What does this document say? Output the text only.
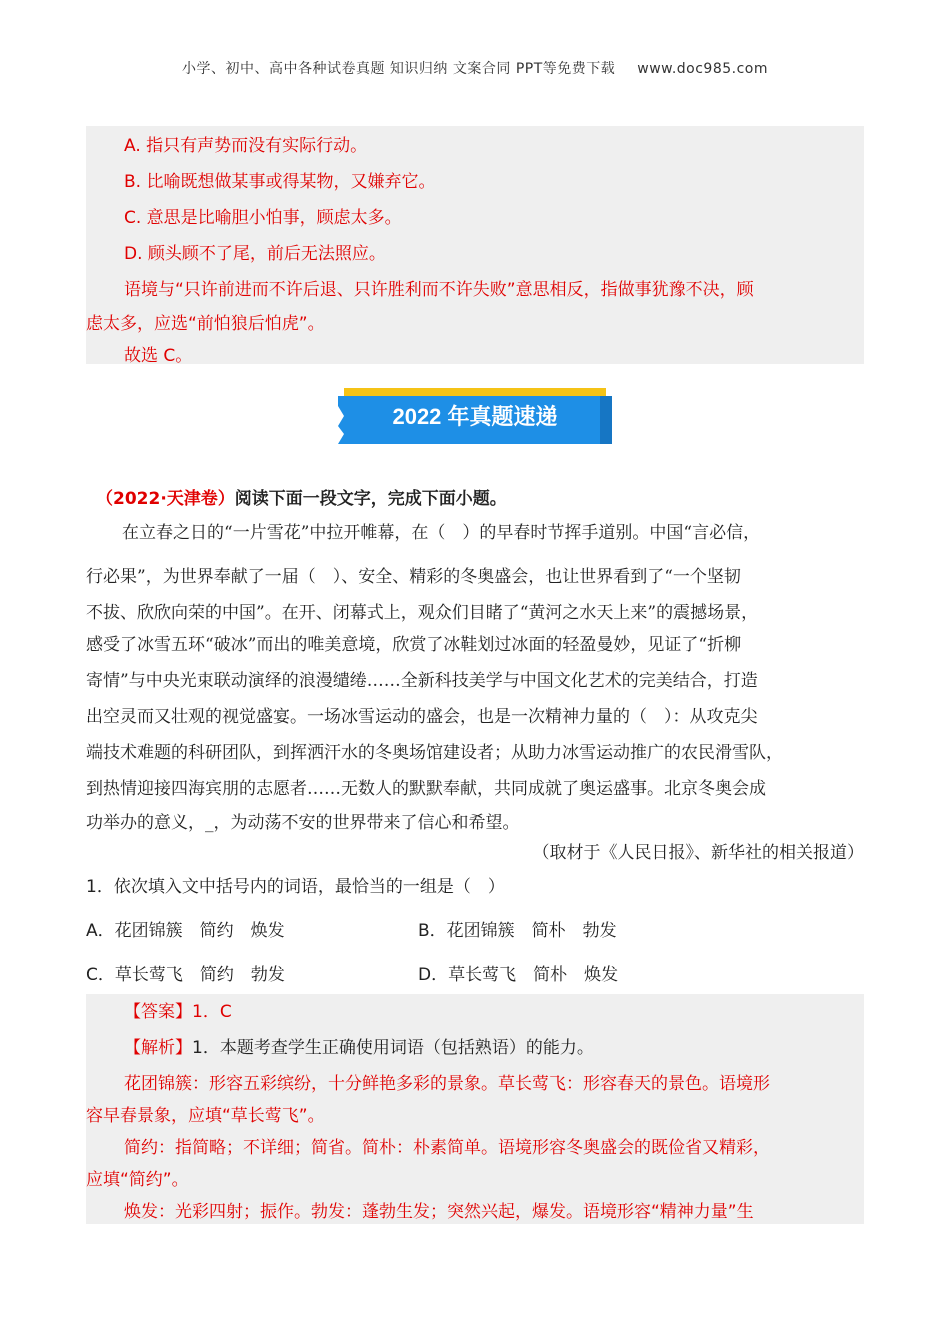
小学、初中、高中各种试卷真题 知识归纳 文案合同 PPT等免费下载 www.doc985.com
A. 指只有声势而没有实际行动。
B. 比喻既想做某事或得某物，又嫌弃它。
C. 意思是比喻胆小怕事，顾虑太多。
D. 顾头顾不了尾，前后无法照应。
语境与“只许前进而不许后退、只许胜利而不许失败”意思相反，指做事犹豫不决，顾
虑太多，应选“前怕狼后怕虎”。
故选 C。
2022 年真题速递
（2022·天津卷）阅读下面一段文字，完成下面小题。
在立春之日的“一片雪花”中拉开帷幕，在（　）的早春时节挥手道别。中国“言必信，
行必果”，为世界奉献了一届（　）、安全、精彩的冬奥盛会，也让世界看到了“一个坚韧
不拔、欣欣向荣的中国”。在开、闭幕式上，观众们目睹了“黄河之水天上来”的震撼场景，
感受了冰雪五环“破冰”而出的唯美意境，欣赏了冰鞋划过冰面的轻盈曼妙，见证了“折柳
寄情”与中央光束联动演绎的浪漫缱绻……全新科技美学与中国文化艺术的完美结合，打造
出空灵而又壮观的视觉盛宴。一场冰雪运动的盛会，也是一次精神力量的（　）：从攻克尖
端技术难题的科研团队，到挥洒汗水的冬奥场馆建设者；从助力冰雪运动推广的农民滑雪队，
到热情迎接四海宾朋的志愿者……无数人的默默奉献，共同成就了奥运盛事。北京冬奥会成
功举办的意义，_，为动荡不安的世界带来了信心和希望。
（取材于《人民日报》、新华社的相关报道）
1．依次填入文中括号内的词语，最恰当的一组是（　）
A．花团锦簇　简约　焕发	B．花团锦簇　简朴　勃发
C．草长莺飞　简约　勃发	D．草长莺飞　简朴　焕发
【答案】1．C
【解析】1．本题考查学生正确使用词语（包括熟语）的能力。
花团锦簇：形容五彩缤纷，十分鲜艳多彩的景象。草长莺飞：形容春天的景色。语境形
容早春景象，应填“草长莺飞”。
简约：指简略；不详细；简省。简朴：朴素简单。语境形容冬奥盛会的既俭省又精彩，
应填“简约”。
焕发：光彩四射；振作。勃发：蓬勃生发；突然兴起，爆发。语境形容“精神力量”生
